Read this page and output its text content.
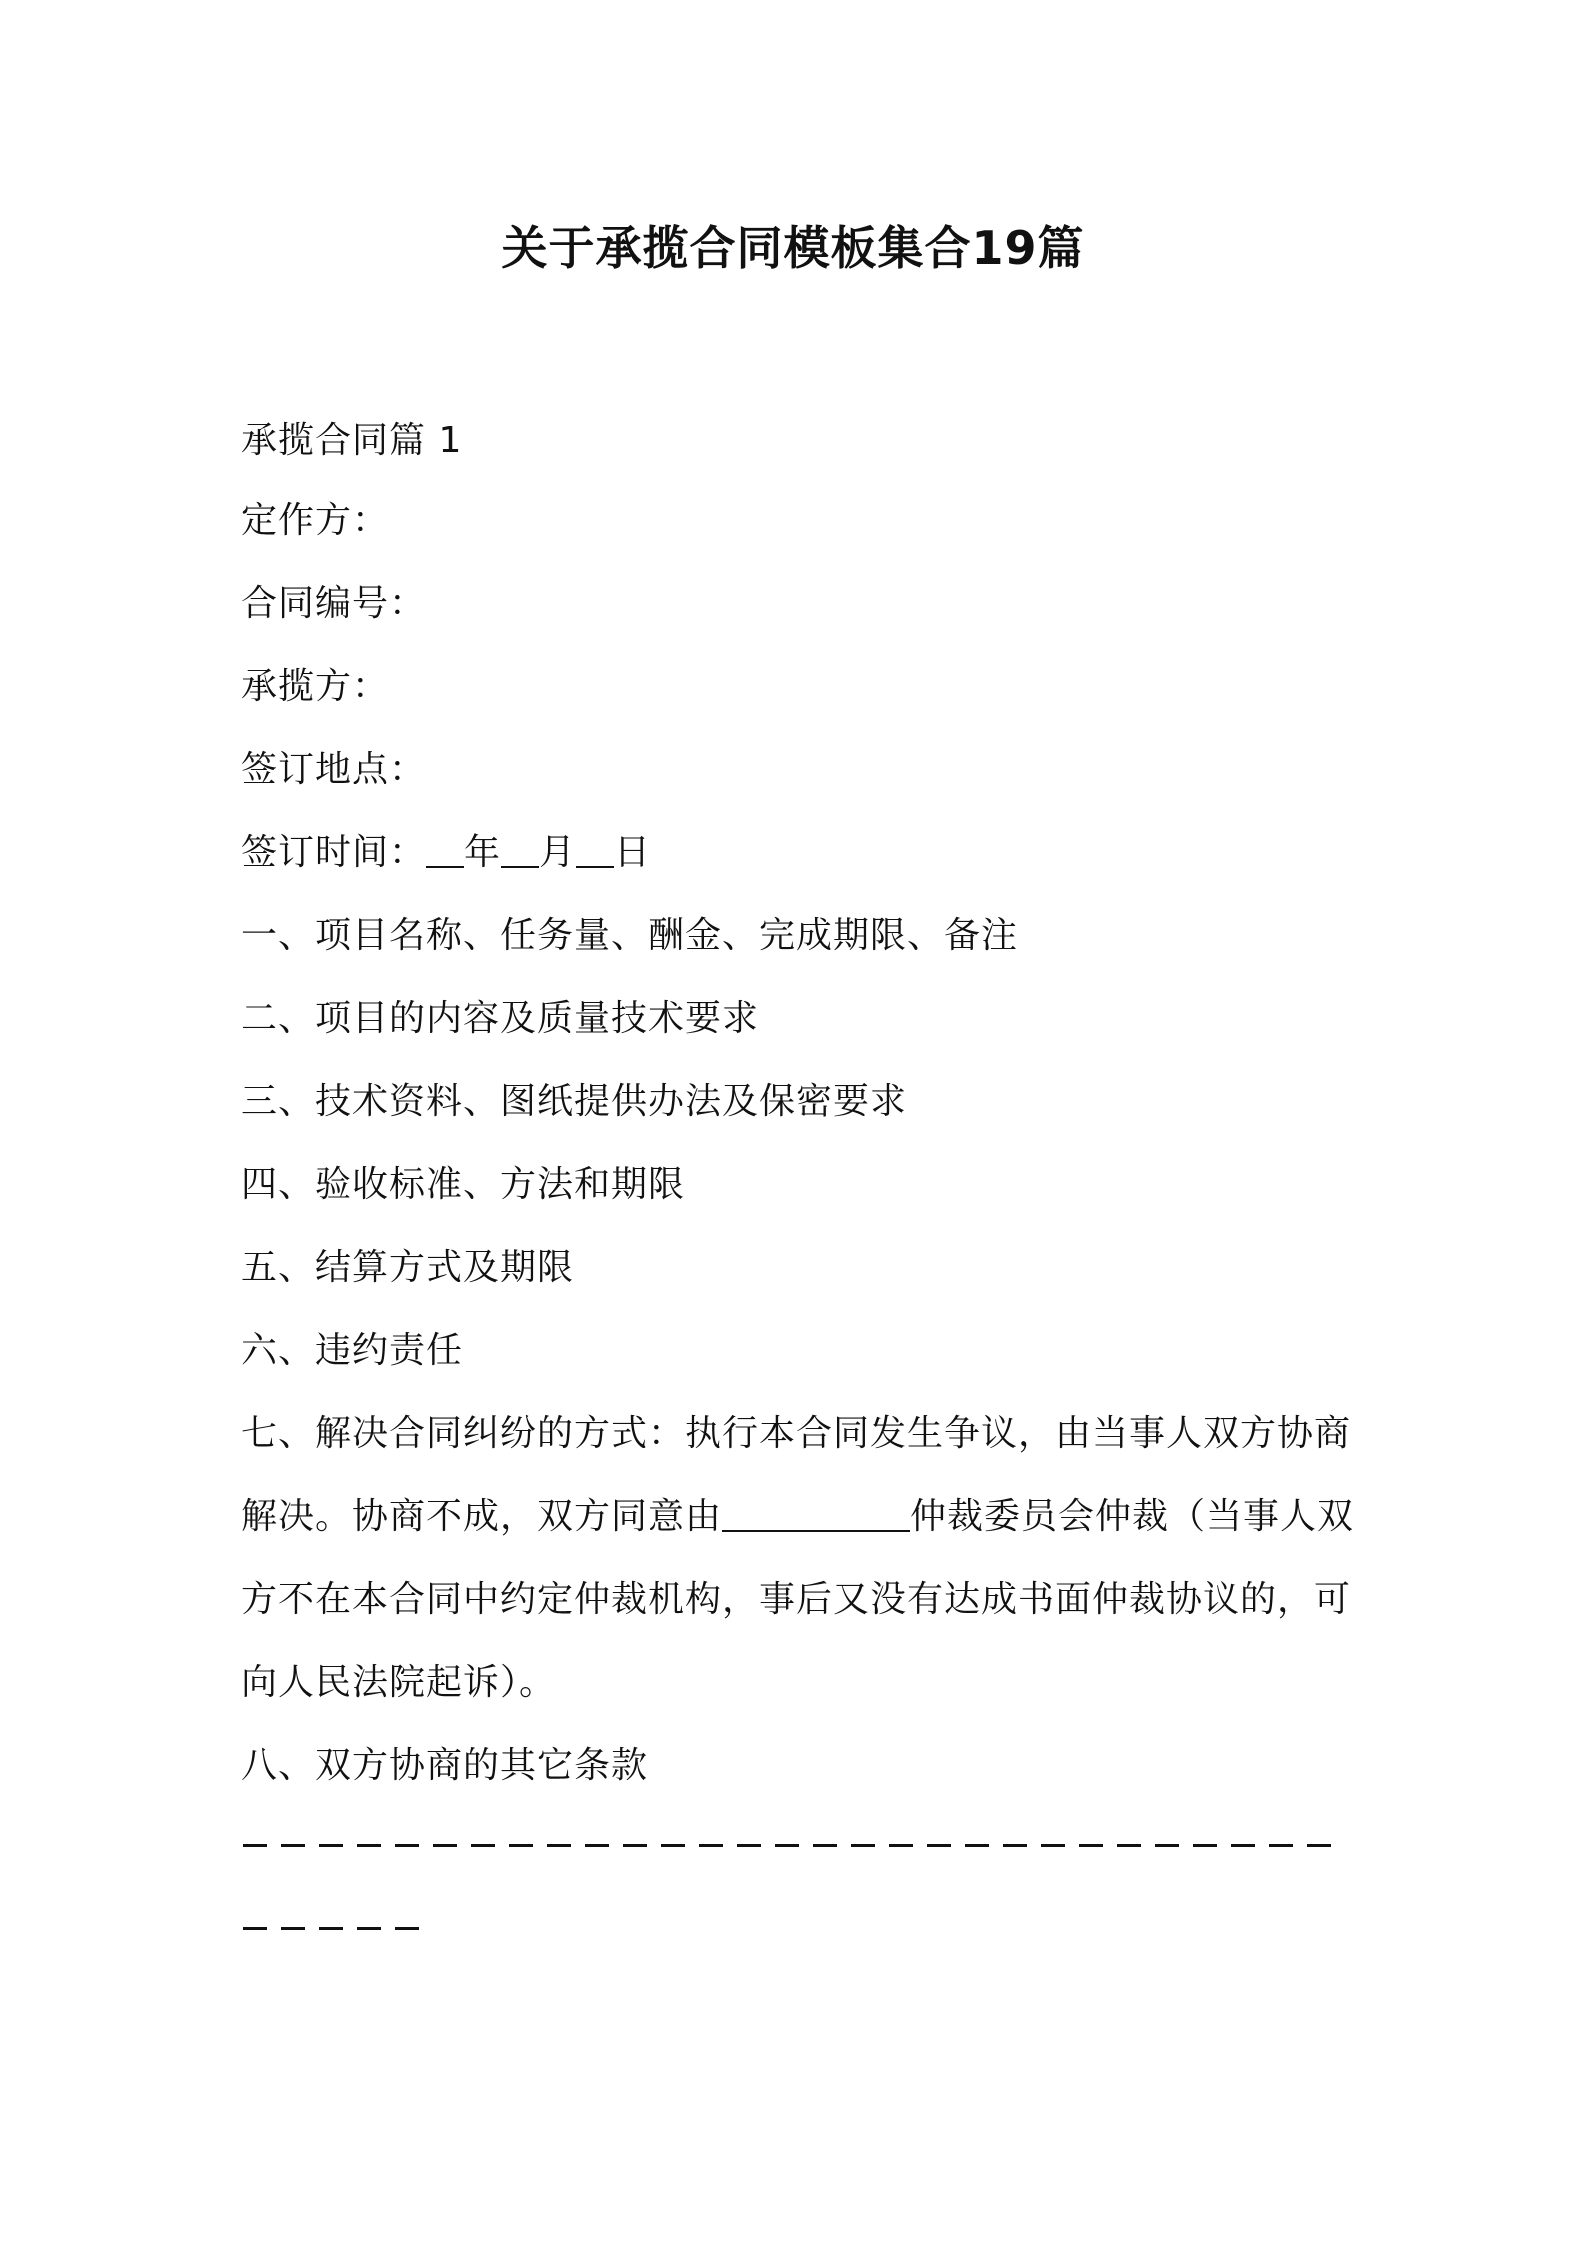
关于承揽合同模板集合19篇
承揽合同篇 1
定作方：
合同编号：
承揽方：
签订地点：
签订时间： 年 月 日
一、项目名称、任务量、酬金、完成期限、备注
二、项目的内容及质量技术要求
三、技术资料、图纸提供办法及保密要求
四、验收标准、方法和期限
五、结算方式及期限
六、违约责任
七、解决合同纠纷的方式：执行本合同发生争议，由当事人双方协商
解决。协商不成，双方同意由	仲裁委员会仲裁（当事人双
方不在本合同中约定仲裁机构，事后又没有达成书面仲裁协议的，可
向人民法院起诉）。
八、双方协商的其它条款
